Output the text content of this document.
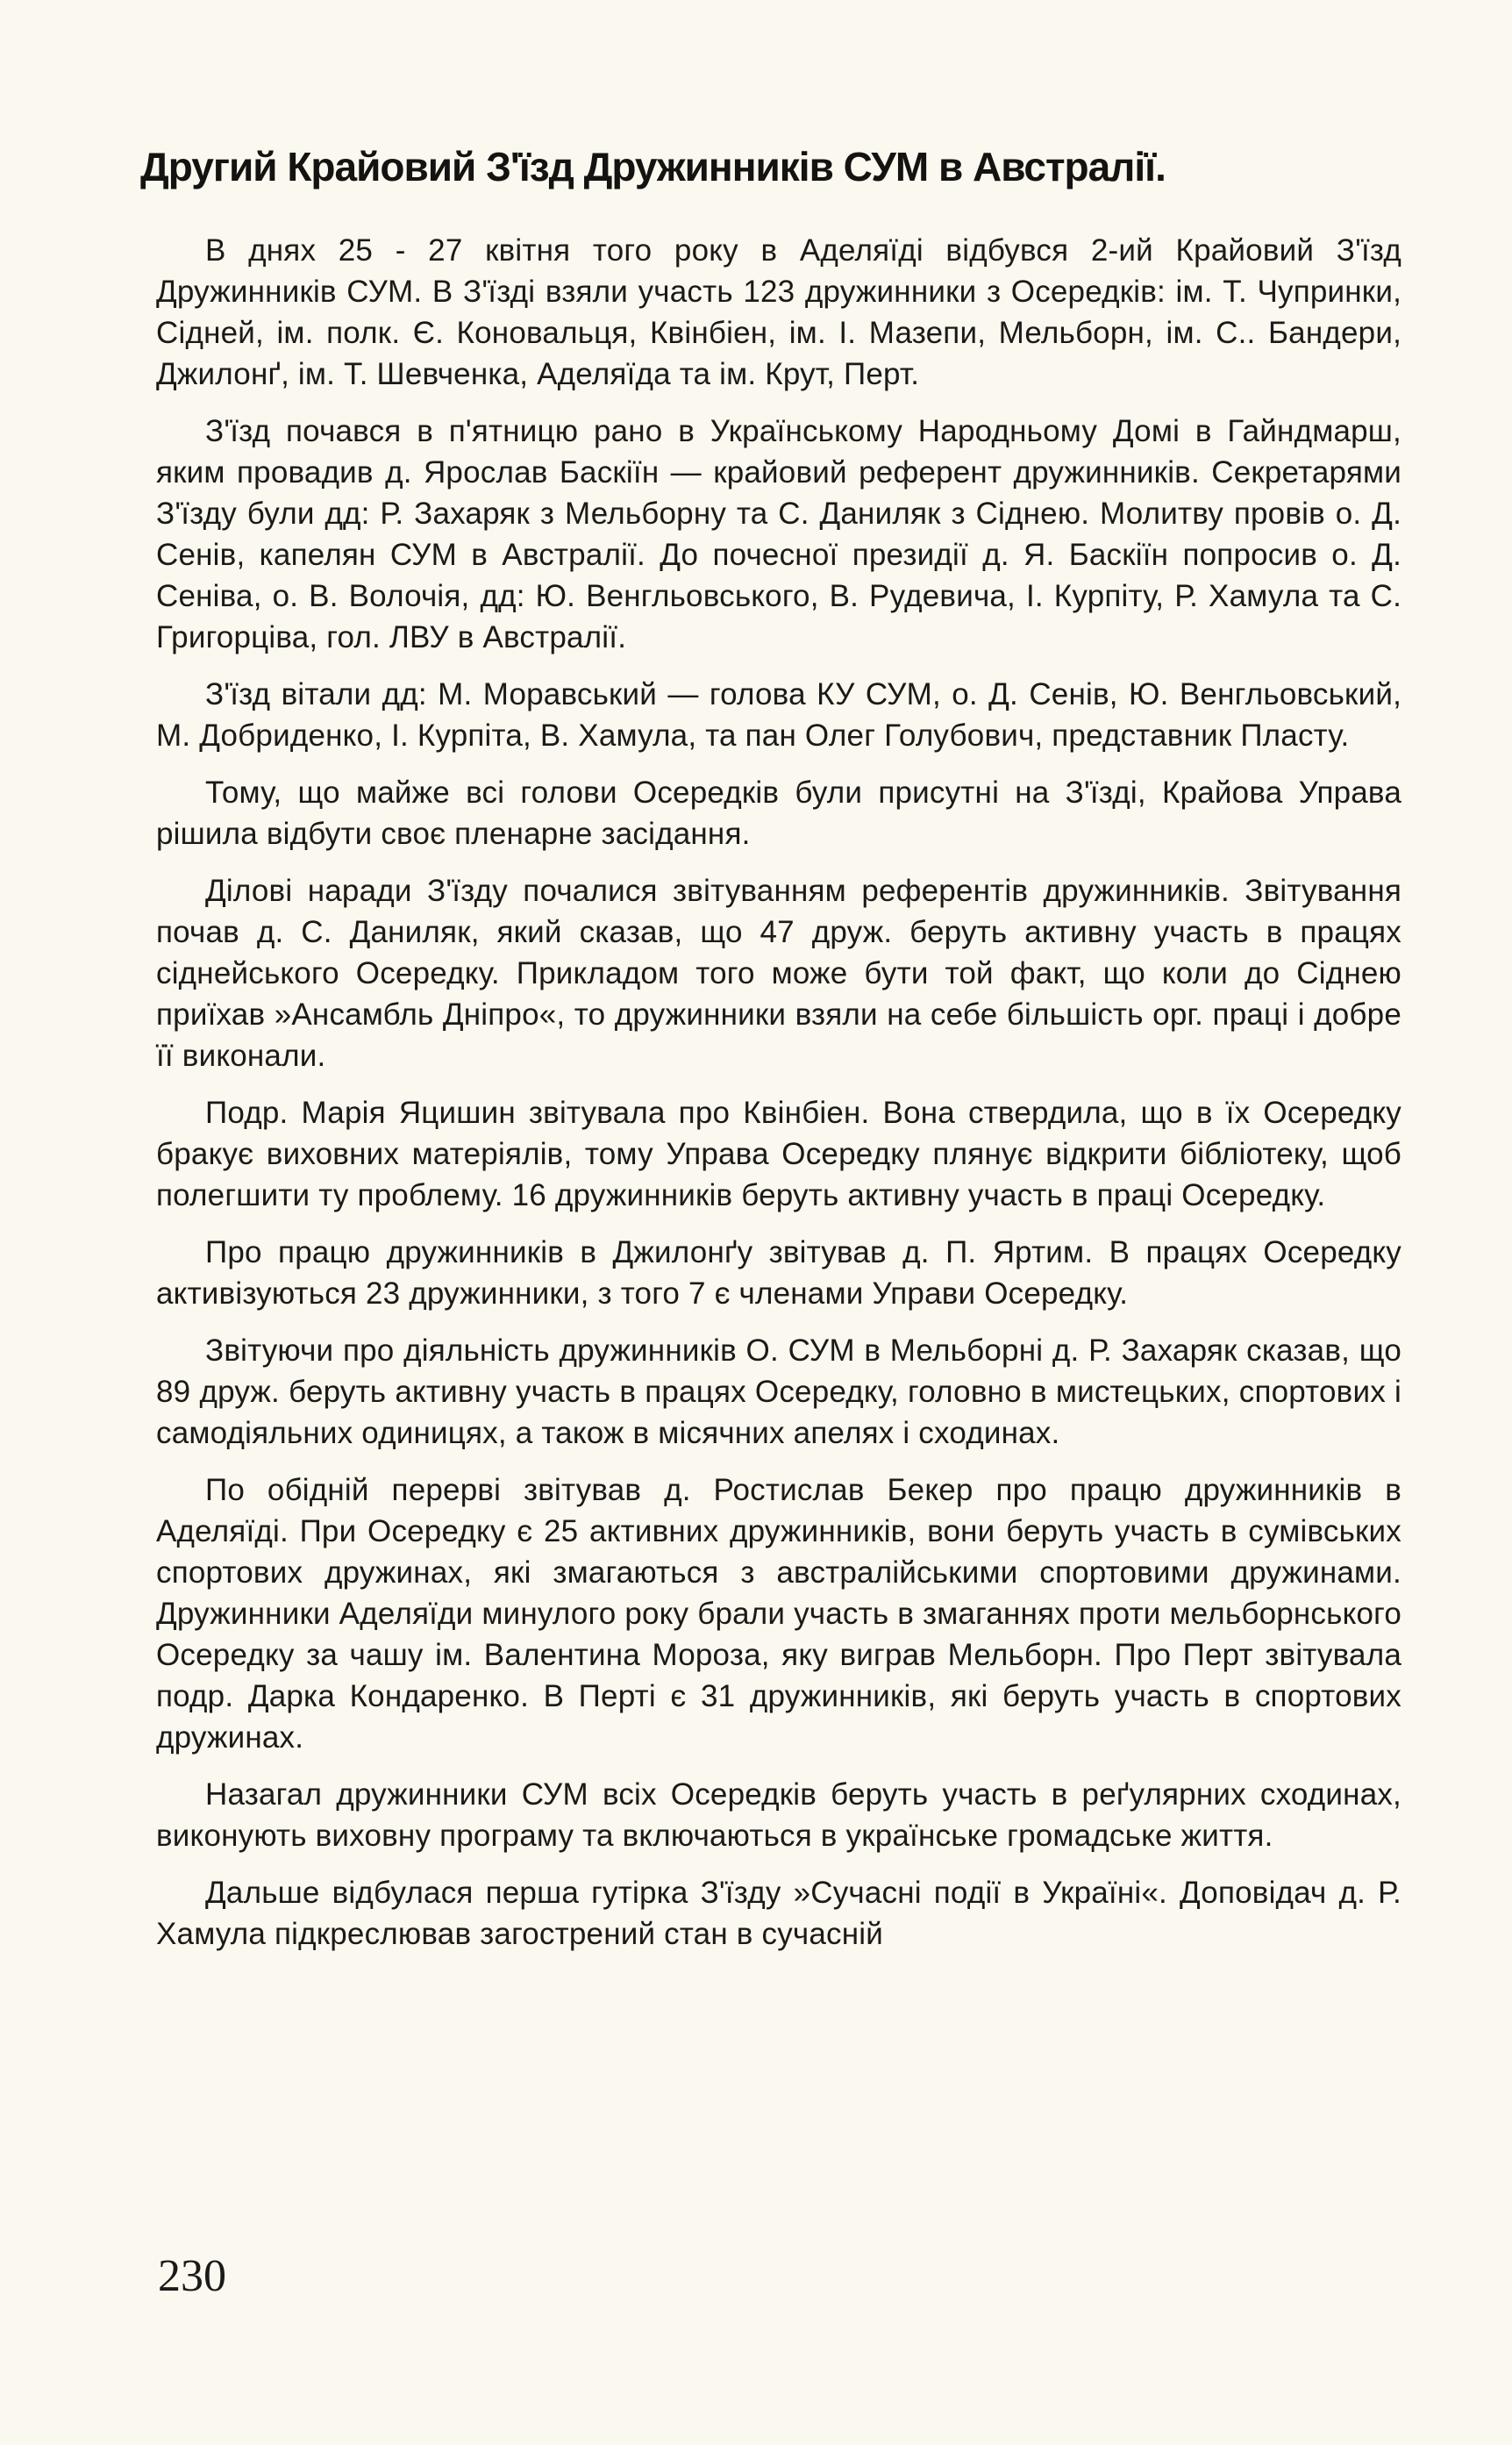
Другий Крайовий З'їзд Дружинників СУМ в Австралії.

В днях 25 - 27 квітня того року в Аделяїді відбувся 2-ий Крайовий З'їзд Дружинників СУМ. В З'їзді взяли участь 123 дружинники з Осередків: ім. Т. Чупринки, Сідней, ім. полк. Є. Коновальця, Квінбіен, ім. І. Мазепи, Мельборн, ім. С.. Бандери, Джилонґ, ім. Т. Шевченка, Аделяїда та ім. Крут, Перт.

З'їзд почався в п'ятницю рано в Українському Народньому Домі в Гайндмарш, яким провадив д. Ярослав Баскіїн — крайовий референт дружинників. Секретарями З'їзду були дд: Р. Захаряк з Мельборну та С. Даниляк з Сіднею. Молитву провів о. Д. Сенів, капелян СУМ в Австралії. До почесної президії д. Я. Баскіїн попросив о. Д. Сеніва, о. В. Волочія, дд: Ю. Венгльовського, В. Рудевича, І. Курпіту, Р. Хамула та С. Григорціва, гол. ЛВУ в Австралії.

З'їзд вітали дд: М. Моравський — голова КУ СУМ, о. Д. Сенів, Ю. Венгльовський, М. Добриденко, І. Курпіта, В. Хамула, та пан Олег Голубович, представник Пласту.

Тому, що майже всі голови Осередків були присутні на З'їзді, Крайова Управа рішила відбути своє пленарне засідання.

Ділові наради З'їзду почалися звітуванням референтів дружинників. Звітування почав д. С. Даниляк, який сказав, що 47 друж. беруть активну участь в працях сіднейського Осередку. Прикладом того може бути той факт, що коли до Сіднею приїхав »Ансамбль Дніпро«, то дружинники взяли на себе більшість орг. праці і добре її виконали.

Подр. Марія Яцишин звітувала про Квінбіен. Вона ствердила, що в їх Осередку бракує виховних матеріялів, тому Управа Осередку плянує відкрити бібліотеку, щоб полегшити ту проблему. 16 дружинників беруть активну участь в праці Осередку.

Про працю дружинників в Джилонґу звітував д. П. Яртим. В працях Осередку активізуються 23 дружинники, з того 7 є членами Управи Осередку.

Звітуючи про діяльність дружинників О. СУМ в Мельборні д. Р. Захаряк сказав, що 89 друж. беруть активну участь в працях Осередку, головно в мистецьких, спортових і самодіяльних одиницях, а також в місячних апелях і сходинах.

По обідній перерві звітував д. Ростислав Бекер про працю дружинників в Аделяїді. При Осередку є 25 активних дружинників, вони беруть участь в сумівських спортових дружинах, які змагаються з австралійськими спортовими дружинами. Дружинники Аделяїди минулого року брали участь в змаганнях проти мельборнського Осередку за чашу ім. Валентина Мороза, яку виграв Мельборн. Про Перт звітувала подр. Дарка Кондаренко. В Перті є 31 дружинників, які беруть участь в спортових дружинах.

Назагал дружинники СУМ всіх Осередків беруть участь в реґулярних сходинах, виконують виховну програму та включаються в українське громадське життя.

Дальше відбулася перша гутірка З'їзду »Сучасні події в Україні«. Доповідач д. Р. Хамула підкреслював загострений стан в сучасній

230
